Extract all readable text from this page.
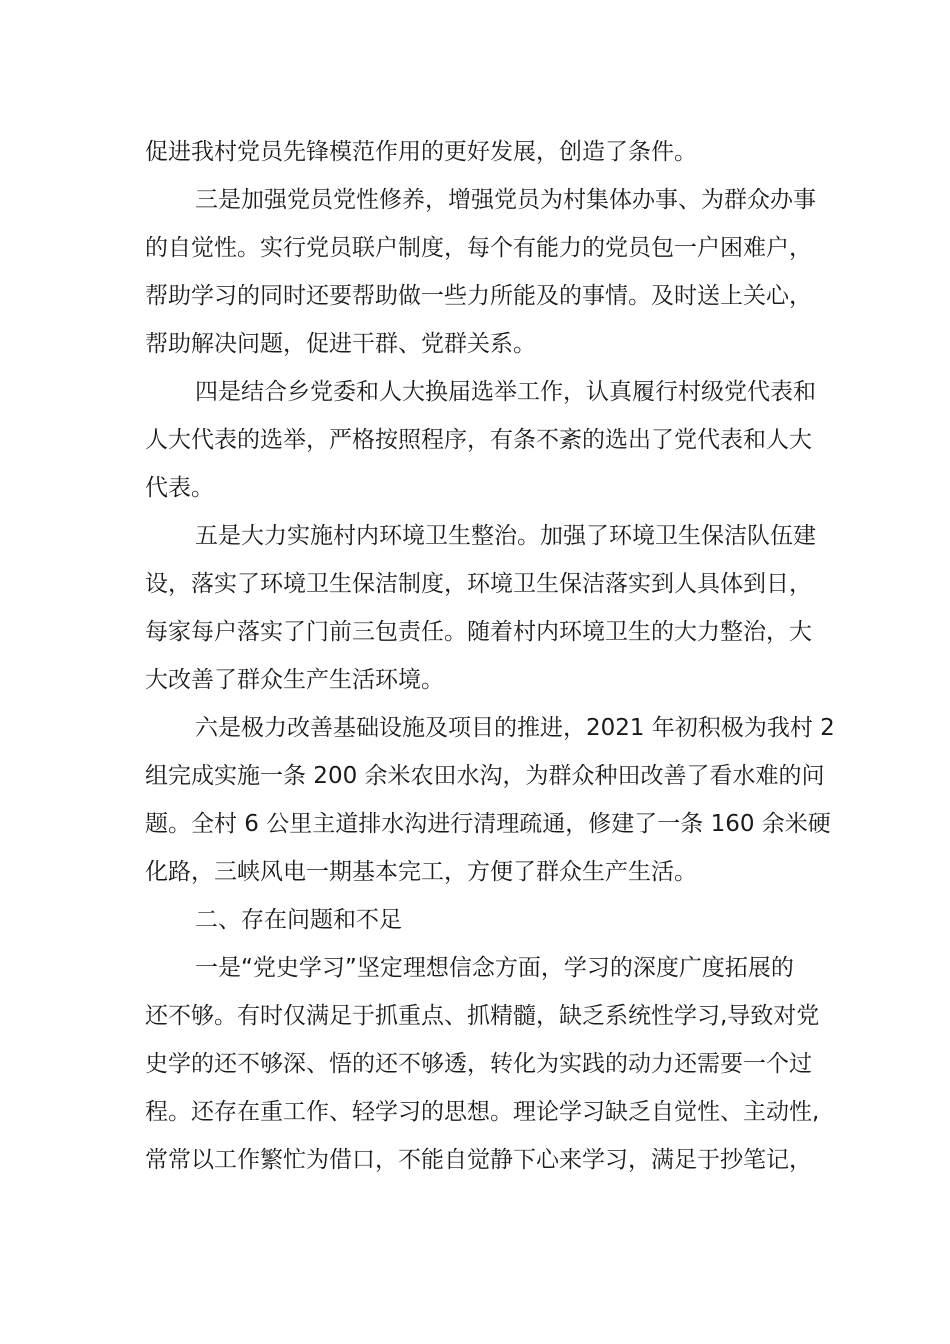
促进我村党员先锋模范作用的更好发展，创造了条件。
三是加强党员党性修养，增强党员为村集体办事、为群众办事
的自觉性。实行党员联户制度，每个有能力的党员包一户困难户，
帮助学习的同时还要帮助做一些力所能及的事情。及时送上关心，
帮助解决问题，促进干群、党群关系。
四是结合乡党委和人大换届选举工作，认真履行村级党代表和
人大代表的选举，严格按照程序，有条不紊的选出了党代表和人大
代表。
五是大力实施村内环境卫生整治。加强了环境卫生保洁队伍建
设，落实了环境卫生保洁制度，环境卫生保洁落实到人具体到日，
每家每户落实了门前三包责任。随着村内环境卫生的大力整治，大
大改善了群众生产生活环境。
六是极力改善基础设施及项目的推进，2021 年初积极为我村 2
组完成实施一条 200 余米农田水沟，为群众种田改善了看水难的问
题。全村 6 公里主道排水沟进行清理疏通，修建了一条 160 余米硬
化路，三峡风电一期基本完工，方便了群众生产生活。
二、存在问题和不足
一是“党史学习”坚定理想信念方面，学习的深度广度拓展的
还不够。有时仅满足于抓重点、抓精髓，缺乏系统性学习,导致对党
史学的还不够深、悟的还不够透，转化为实践的动力还需要一个过
程。还存在重工作、轻学习的思想。理论学习缺乏自觉性、主动性,
常常以工作繁忙为借口，不能自觉静下心来学习，满足于抄笔记，
